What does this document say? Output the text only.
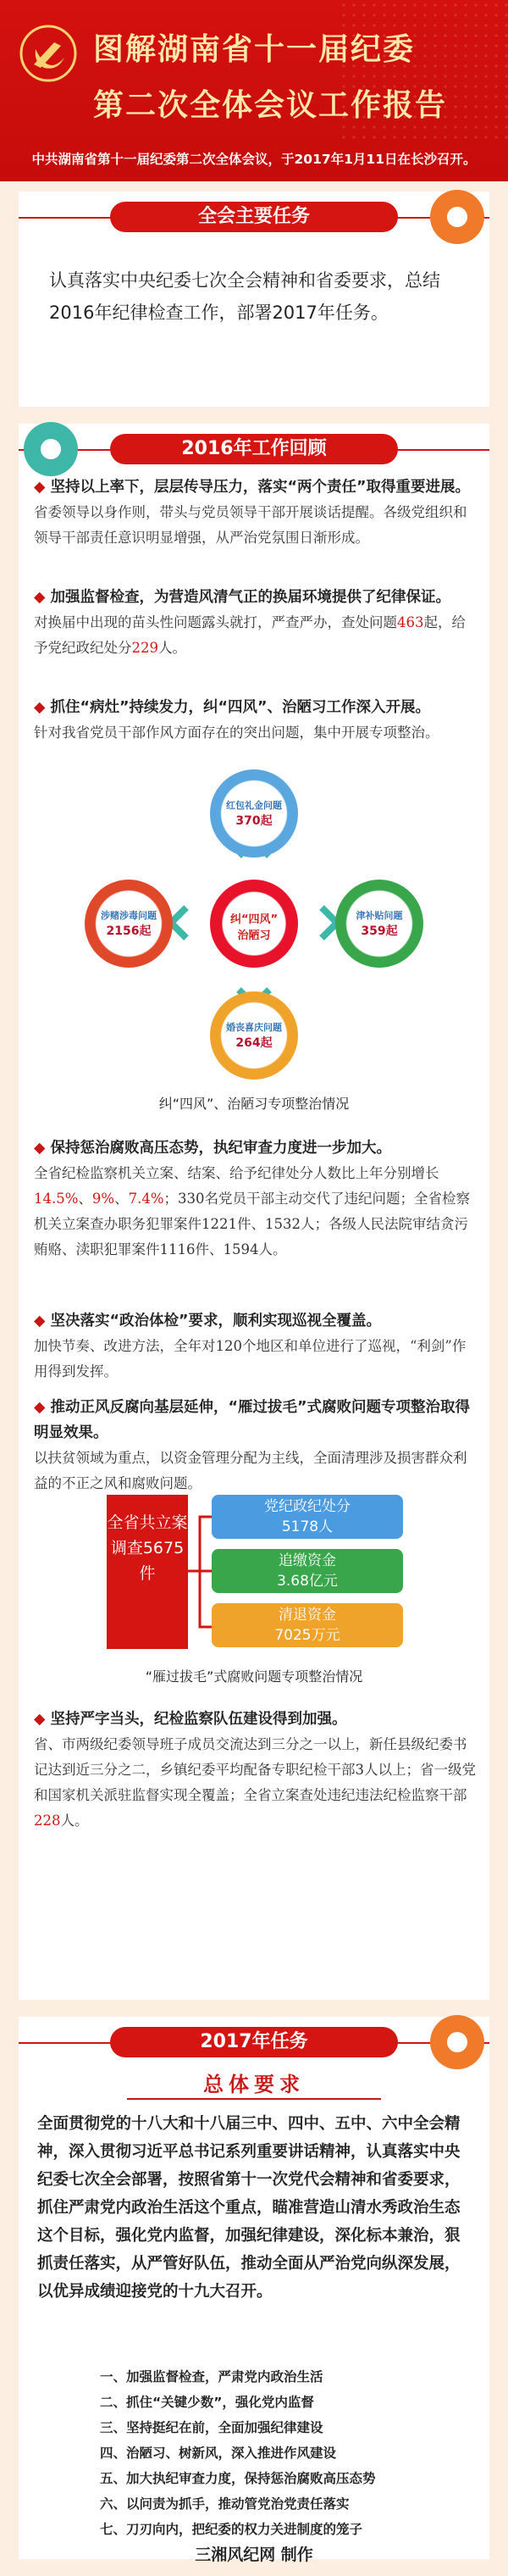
图解湖南省十一届纪委
第二次全体会议工作报告
中共湖南省第十一届纪委第二次全体会议，于2017年1月11日在长沙召开。
全会主要任务
认真落实中央纪委七次全会精神和省委要求，总结2016年纪律检查工作，部署2017年任务。
2016年工作回顾
◆ 坚持以上率下，层层传导压力，落实“两个责任”取得重要进展。
省委领导以身作则，带头与党员领导干部开展谈话提醒。各级党组织和领导干部责任意识明显增强，从严治党氛围日渐形成。
◆ 加强监督检查，为营造风清气正的换届环境提供了纪律保证。
对换届中出现的苗头性问题露头就打，严查严办，查处问题463起，给予党纪政纪处分229人。
◆ 抓住“病灶”持续发力，纠“四风”、治陋习工作深入开展。
针对我省党员干部作风方面存在的突出问题，集中开展专项整治。
红包礼金问题
370起
涉赌涉毒问题
2156起
津补贴问题
359起
婚丧喜庆问题
264起
纠“四风”
治陋习
纠“四风”、治陋习专项整治情况
◆ 保持惩治腐败高压态势，执纪审查力度进一步加大。
全省纪检监察机关立案、结案、给予纪律处分人数比上年分别增长14.5%、9%、7.4%；330名党员干部主动交代了违纪问题；全省检察机关立案查办职务犯罪案件1221件、1532人；各级人民法院审结贪污贿赂、渎职犯罪案件1116件、1594人。
◆ 坚决落实“政治体检”要求，顺利实现巡视全覆盖。
加快节奏、改进方法，全年对120个地区和单位进行了巡视，“利剑”作用得到发挥。
◆ 推动正风反腐向基层延伸，“雁过拔毛”式腐败问题专项整治取得明显效果。
以扶贫领域为重点，以资金管理分配为主线，全面清理涉及损害群众利益的不正之风和腐败问题。
全省共立案调查5675件
党纪政纪处分
5178人
追缴资金
3.68亿元
清退资金
7025万元
“雁过拔毛”式腐败问题专项整治情况
◆ 坚持严字当头，纪检监察队伍建设得到加强。
省、市两级纪委领导班子成员交流达到三分之一以上，新任县级纪委书记达到近三分之二，乡镇纪委平均配备专职纪检干部3人以上；省一级党和国家机关派驻监督实现全覆盖；全省立案查处违纪违法纪检监察干部228人。
2017年任务
总体要求
全面贯彻党的十八大和十八届三中、四中、五中、六中全会精神，深入贯彻习近平总书记系列重要讲话精神，认真落实中央纪委七次全会部署，按照省第十一次党代会精神和省委要求，抓住严肃党内政治生活这个重点，瞄准营造山清水秀政治生态这个目标，强化党内监督，加强纪律建设，深化标本兼治，狠抓责任落实，从严管好队伍，推动全面从严治党向纵深发展，以优异成绩迎接党的十九大召开。
一、加强监督检查，严肃党内政治生活
二、抓住“关键少数”，强化党内监督
三、坚持挺纪在前，全面加强纪律建设
四、治陋习、树新风，深入推进作风建设
五、加大执纪审查力度，保持惩治腐败高压态势
六、以问责为抓手，推动管党治党责任落实
七、刀刃向内，把纪委的权力关进制度的笼子
三湘风纪网 制作
